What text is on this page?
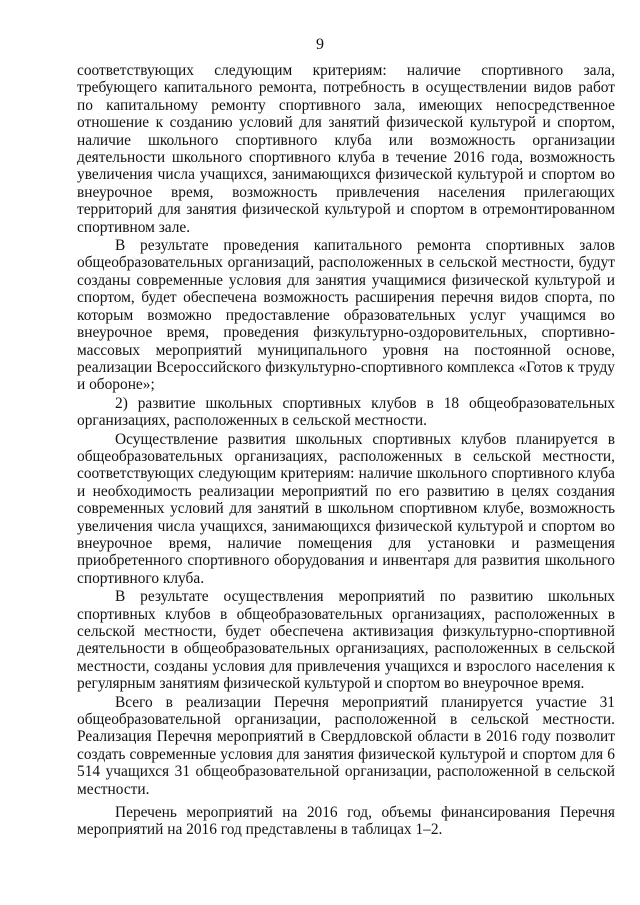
9

соответствующих следующим критериям: наличие спортивного зала, требующего капитального ремонта, потребность в осуществлении видов работ по капитальному ремонту спортивного зала, имеющих непосредственное отношение к созданию условий для занятий физической культурой и спортом, наличие школьного спортивного клуба или возможность организации деятельности школьного спортивного клуба в течение 2016 года, возможность увеличения числа учащихся, занимающихся физической культурой и спортом во внеурочное время, возможность привлечения населения прилегающих территорий для занятия физической культурой и спортом в отремонтированном спортивном зале.

В результате проведения капитального ремонта спортивных залов общеобразовательных организаций, расположенных в сельской местности, будут созданы современные условия для занятия учащимися физической культурой и спортом, будет обеспечена возможность расширения перечня видов спорта, по которым возможно предоставление образовательных услуг учащимся во внеурочное время, проведения физкультурно-оздоровительных, спортивно-массовых мероприятий муниципального уровня на постоянной основе, реализации Всероссийского физкультурно-спортивного комплекса «Готов к труду и обороне»;

2) развитие школьных спортивных клубов в 18 общеобразовательных организациях, расположенных в сельской местности.

Осуществление развития школьных спортивных клубов планируется в общеобразовательных организациях, расположенных в сельской местности, соответствующих следующим критериям: наличие школьного спортивного клуба и необходимость реализации мероприятий по его развитию в целях создания современных условий для занятий в школьном спортивном клубе, возможность увеличения числа учащихся, занимающихся физической культурой и спортом во внеурочное время, наличие помещения для установки и размещения приобретенного спортивного оборудования и инвентаря для развития школьного спортивного клуба.

В результате осуществления мероприятий по развитию школьных спортивных клубов в общеобразовательных организациях, расположенных в сельской местности, будет обеспечена активизация физкультурно-спортивной деятельности в общеобразовательных организациях, расположенных в сельской местности, созданы условия для привлечения учащихся и взрослого населения к регулярным занятиям физической культурой и спортом во внеурочное время.

Всего в реализации Перечня мероприятий планируется участие 31 общеобразовательной организации, расположенной в сельской местности. Реализация Перечня мероприятий в Свердловской области в 2016 году позволит создать современные условия для занятия физической культурой и спортом для 6 514 учащихся 31 общеобразовательной организации, расположенной в сельской местности.

Перечень мероприятий на 2016 год, объемы финансирования Перечня мероприятий на 2016 год представлены в таблицах 1–2.
